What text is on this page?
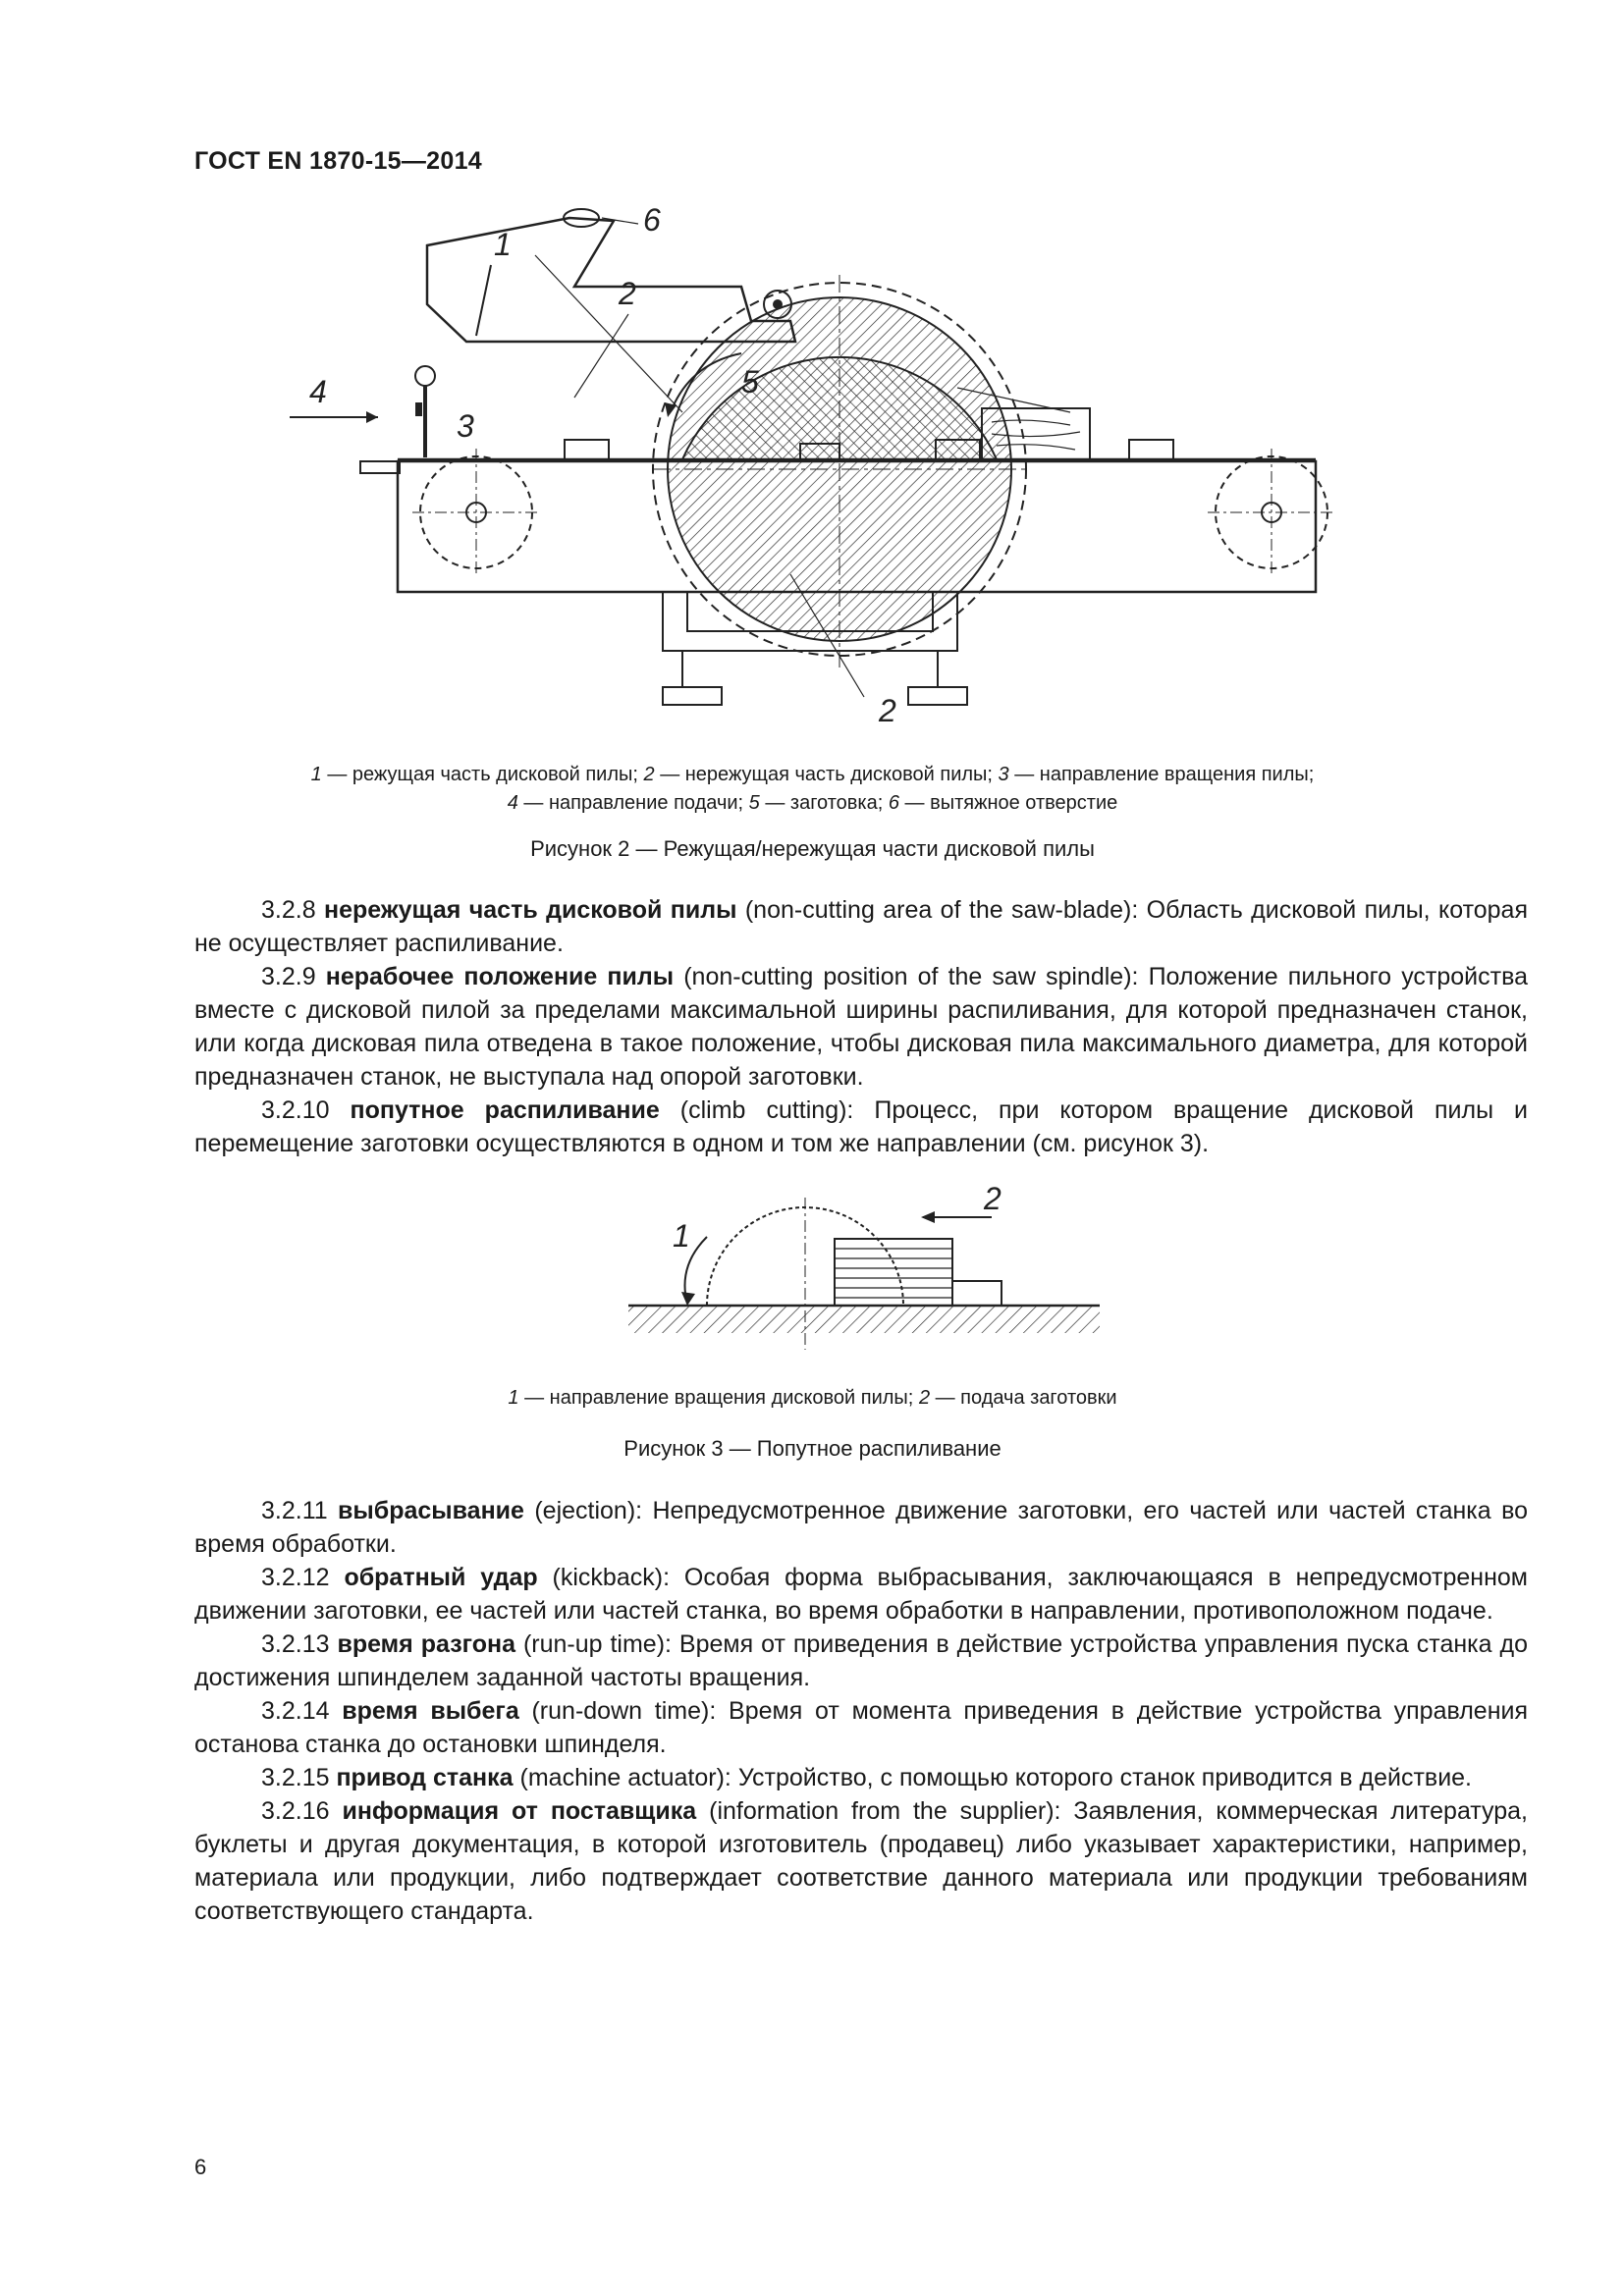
ГОСТ EN 1870-15—2014
4
1
2
6
5
3
2
1 — режущая часть дисковой пилы; 2 — нережущая часть дисковой пилы; 3 — направление вращения пилы;
4 — направление подачи; 5 — заготовка; 6 — вытяжное отверстие
Рисунок 2 — Режущая/нережущая части дисковой пилы

3.2.8 нережущая часть дисковой пилы (non-cutting area of the saw-blade): Область дисковой пилы, которая не осуществляет распиливание.

3.2.9 нерабочее положение пилы (non-cutting position of the saw spindle): Положение пильного устройства вместе с дисковой пилой за пределами максимальной ширины распиливания, для которой предназначен станок, или когда дисковая пила отведена в такое положение, чтобы дисковая пила максимального диаметра, для которой предназначен станок, не выступала над опорой заготовки.

3.2.10 попутное распиливание (climb cutting): Процесс, при котором вращение дисковой пилы и перемещение заготовки осуществляются в одном и том же направлении (см. рисунок 3).

1
2
1 — направление вращения дисковой пилы; 2 — подача заготовки
Рисунок 3 — Попутное распиливание

3.2.11 выбрасывание (ejection): Непредусмотренное движение заготовки, его частей или частей станка во время обработки.

3.2.12 обратный удар (kickback): Особая форма выбрасывания, заключающаяся в непредусмотренном движении заготовки, ее частей или частей станка, во время обработки в направлении, противоположном подаче.

3.2.13 время разгона (run-up time): Время от приведения в действие устройства управления пуска станка до достижения шпинделем заданной частоты вращения.

3.2.14 время выбега (run-down time): Время от момента приведения в действие устройства управления останова станка до остановки шпинделя.

3.2.15 привод станка (machine actuator): Устройство, с помощью которого станок приводится в действие.

3.2.16 информация от поставщика (information from the supplier): Заявления, коммерческая литература, буклеты и другая документация, в которой изготовитель (продавец) либо указывает характеристики, например, материала или продукции, либо подтверждает соответствие данного материала или продукции требованиям соответствующего стандарта.

6
